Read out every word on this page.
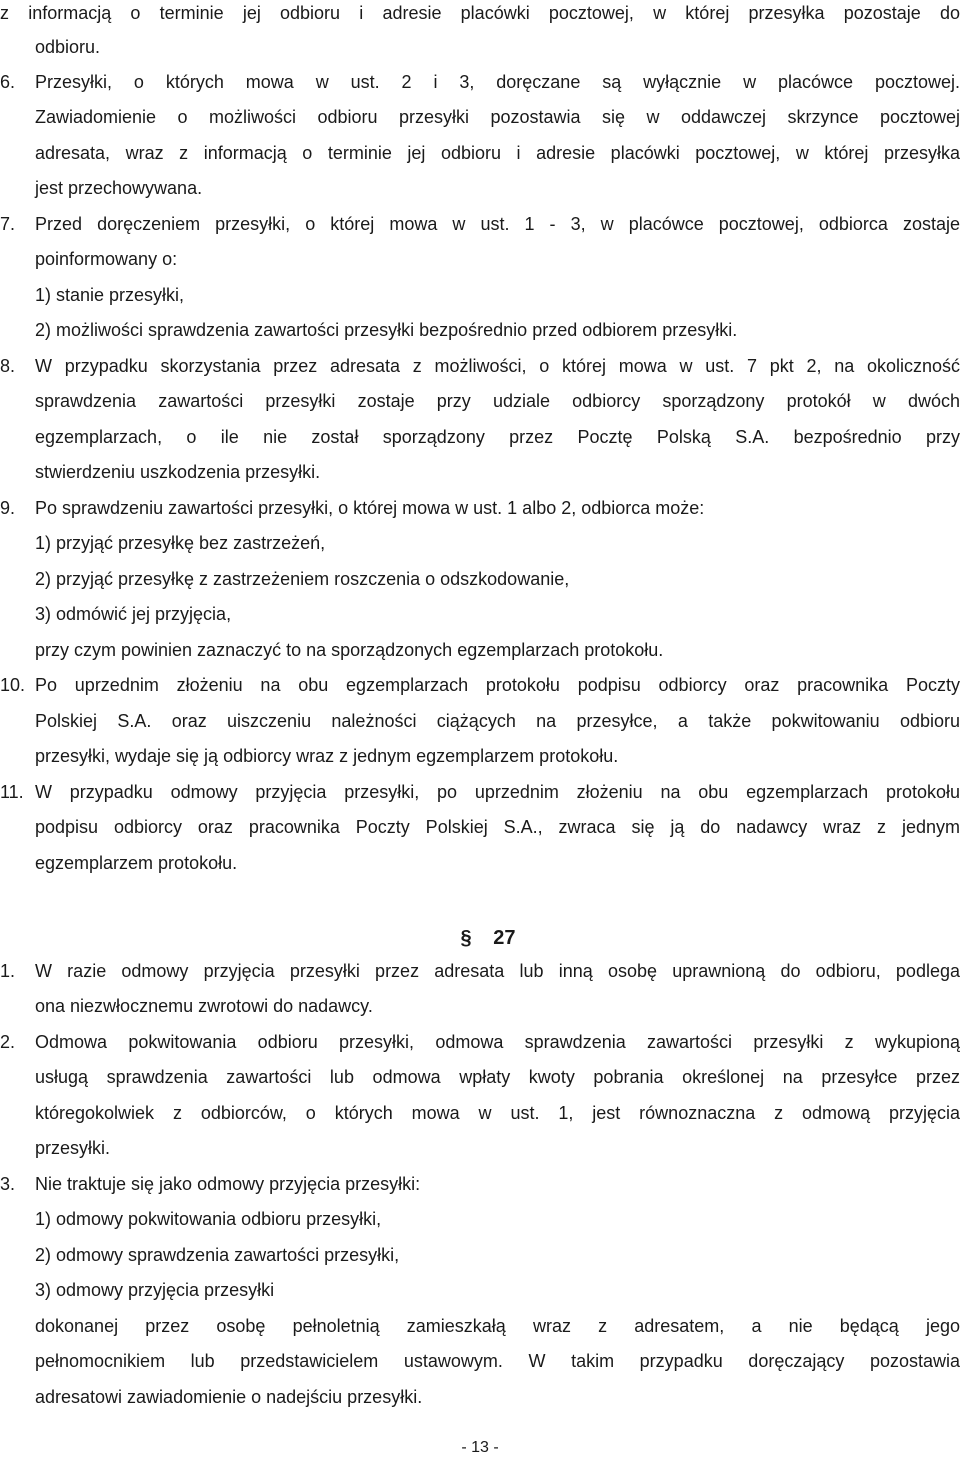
z informacją o terminie jej odbioru i adresie placówki pocztowej, w której przesyłka pozostaje do
odbioru.
6. Przesyłki, o których mowa w ust. 2 i 3, doręczane są wyłącznie w placówce pocztowej.
Zawiadomienie o możliwości odbioru przesyłki pozostawia się w oddawczej skrzynce pocztowej
adresata, wraz z informacją o terminie jej odbioru i adresie placówki pocztowej, w której przesyłka
jest przechowywana.
7. Przed doręczeniem przesyłki, o której mowa w ust. 1 - 3, w placówce pocztowej, odbiorca zostaje
poinformowany o:
1) stanie przesyłki,
2) możliwości sprawdzenia zawartości przesyłki bezpośrednio przed odbiorem przesyłki.
8. W przypadku skorzystania przez adresata z możliwości, o której mowa w ust. 7 pkt 2, na okoliczność
sprawdzenia zawartości przesyłki zostaje przy udziale odbiorcy sporządzony protokół w dwóch
egzemplarzach, o ile nie został sporządzony przez Pocztę Polską S.A. bezpośrednio przy
stwierdzeniu uszkodzenia przesyłki.
9. Po sprawdzeniu zawartości przesyłki, o której mowa w ust. 1 albo 2, odbiorca może:
1) przyjąć przesyłkę bez zastrzeżeń,
2) przyjąć przesyłkę z zastrzeżeniem roszczenia o odszkodowanie,
3) odmówić jej przyjęcia,
przy czym powinien zaznaczyć to na sporządzonych egzemplarzach protokołu.
10. Po uprzednim złożeniu na obu egzemplarzach protokołu podpisu odbiorcy oraz pracownika Poczty
Polskiej S.A. oraz uiszczeniu należności ciążących na przesyłce, a także pokwitowaniu odbioru
przesyłki, wydaje się ją odbiorcy wraz z jednym egzemplarzem protokołu.
11. W przypadku odmowy przyjęcia przesyłki, po uprzednim złożeniu na obu egzemplarzach protokołu
podpisu odbiorcy oraz pracownika Poczty Polskiej S.A., zwraca się ją do nadawcy wraz z jednym
egzemplarzem protokołu.
§ 27
1. W razie odmowy przyjęcia przesyłki przez adresata lub inną osobę uprawnioną do odbioru, podlega
ona niezwłocznemu zwrotowi do nadawcy.
2. Odmowa pokwitowania odbioru przesyłki, odmowa sprawdzenia zawartości przesyłki z wykupioną
usługą sprawdzenia zawartości lub odmowa wpłaty kwoty pobrania określonej na przesyłce przez
któregokolwiek z odbiorców, o których mowa w ust. 1, jest równoznaczna z odmową przyjęcia
przesyłki.
3. Nie traktuje się jako odmowy przyjęcia przesyłki:
1) odmowy pokwitowania odbioru przesyłki,
2) odmowy sprawdzenia zawartości przesyłki,
3) odmowy przyjęcia przesyłki
dokonanej przez osobę pełnoletnią zamieszkałą wraz z adresatem, a nie będącą jego
pełnomocnikiem lub przedstawicielem ustawowym. W takim przypadku doręczający pozostawia
adresatowi zawiadomienie o nadejściu przesyłki.
- 13 -
